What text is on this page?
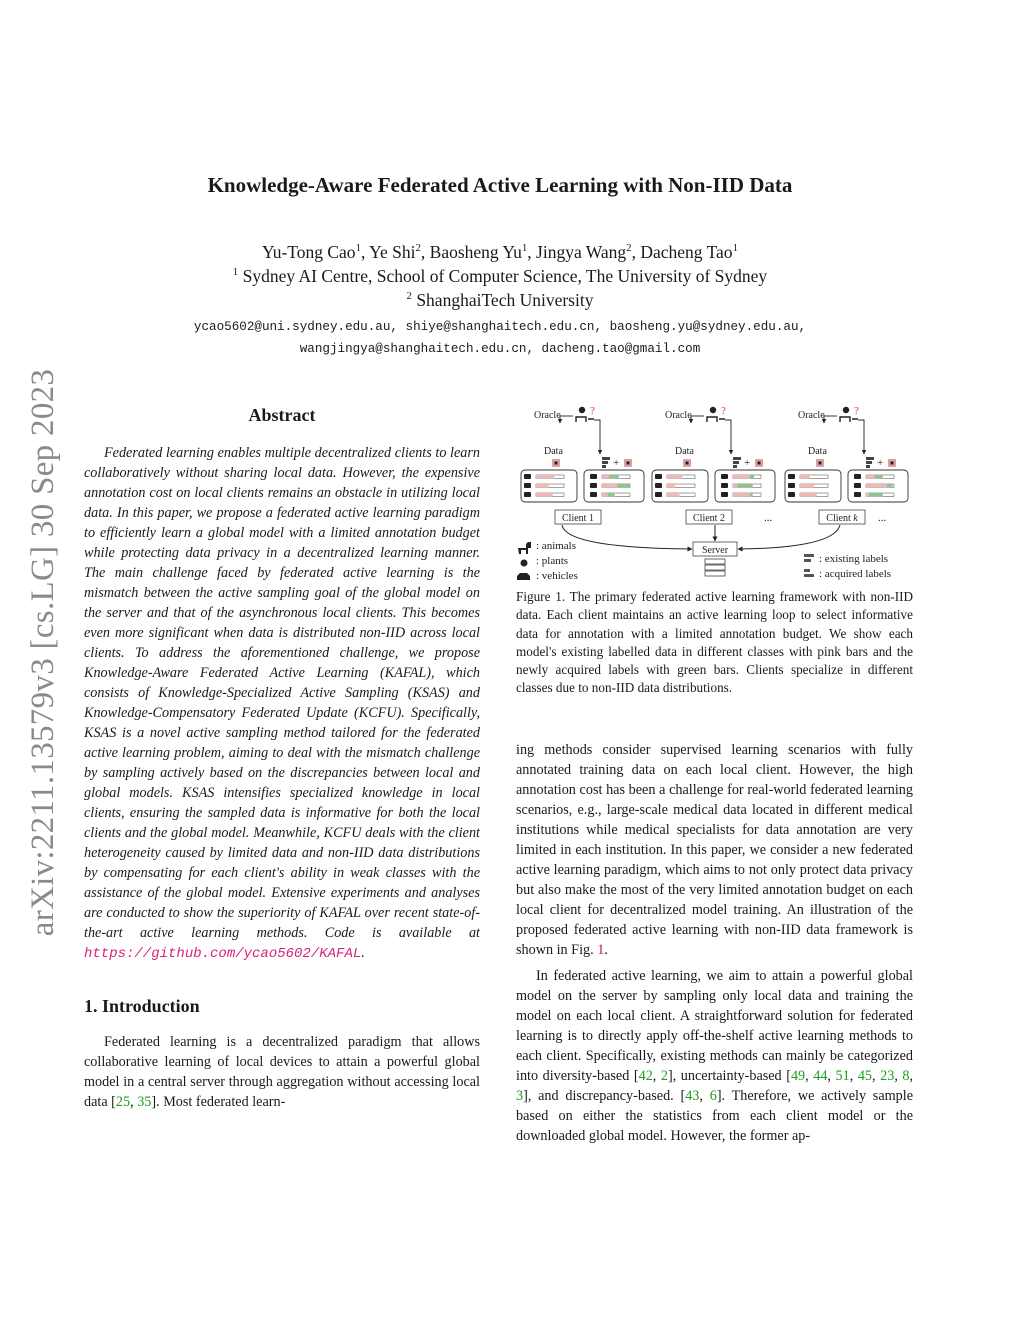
arXiv:2211.13579v3 [cs.LG] 30 Sep 2023
Knowledge-Aware Federated Active Learning with Non-IID Data
Yu-Tong Cao$^1$, Ye Shi$^2$, Baosheng Yu$^1$, Jingya Wang$^2$, Dacheng Tao$^1$
$^1$ Sydney AI Centre, School of Computer Science, The University of Sydney
$^2$ ShanghaiTech University
ycao5602@uni.sydney.edu.au, shiye@shanghaitech.edu.cn, baosheng.yu@sydney.edu.au,
wangjingya@shanghaitech.edu.cn, dacheng.tao@gmail.com
Abstract

Federated learning enables multiple decentralized clients to learn collaboratively without sharing local data. However, the expensive annotation cost on local clients remains an obstacle in utilizing local data. In this paper, we propose a federated active learning paradigm to efficiently learn a global model with a limited annotation budget while protecting data privacy in a decentralized learning manner. The main challenge faced by federated active learning is the mismatch between the active sampling goal of the global model on the server and that of the asynchronous local clients. This becomes even more significant when data is distributed non-IID across local clients. To address the aforementioned challenge, we propose Knowledge-Aware Federated Active Learning (KAFAL), which consists of Knowledge-Specialized Active Sampling (KSAS) and Knowledge-Compensatory Federated Update (KCFU). Specifically, KSAS is a novel active sampling method tailored for the federated active learning problem, aiming to deal with the mismatch challenge by sampling actively based on the discrepancies between local and global models. KSAS intensifies specialized knowledge in local clients, ensuring the sampled data is informative for both the local clients and the global model. Meanwhile, KCFU deals with the client heterogeneity caused by limited data and non-IID data distributions by compensating for each client's ability in weak classes with the assistance of the global model. Extensive experiments and analyses are conducted to show the superiority of KAFAL over recent state-of-the-art active learning methods. Code is available at https://github.com/ycao5602/KAFAL.

1. Introduction

Federated learning is a decentralized paradigm that allows collaborative learning of local devices to attain a powerful global model in a central server through aggregation without accessing local data [25, 35]. Most federated learn-

Oracle	?
Data
+
Client 1
Oracle	?
Data
+
Client 2
Oracle	?
Data
+
Client k
...	...
Server
: animals
: plants
: vehicles
: existing labels
: acquired labels

Figure 1. The primary federated active learning framework with non-IID data. Each client maintains an active learning loop to select informative data for annotation with a limited annotation budget. We show each model's existing labelled data in different classes with pink bars and the newly acquired labels with green bars. Clients specialize in different classes due to non-IID data distributions.

ing methods consider supervised learning scenarios with fully annotated training data on each local client. However, the high annotation cost has been a challenge for real-world federated learning scenarios, e.g., large-scale medical data located in different medical institutions while medical specialists for data annotation are very limited in each institution. In this paper, we consider a new federated active learning paradigm, which aims to not only protect data privacy but also make the most of the very limited annotation budget on each local client for decentralized model training. An illustration of the proposed federated active learning with non-IID data framework is shown in Fig. 1.

In federated active learning, we aim to attain a powerful global model on the server by sampling only local data and training the model on each local client. A straightforward solution for federated learning is to directly apply off-the-shelf active learning methods to each client. Specifically, existing methods can mainly be categorized into diversity-based [42, 2], uncertainty-based [49, 44, 51, 45, 23, 8, 3], and discrepancy-based. [43, 6]. Therefore, we actively sample based on either the statistics from each client model or the downloaded global model. However, the former ap-
